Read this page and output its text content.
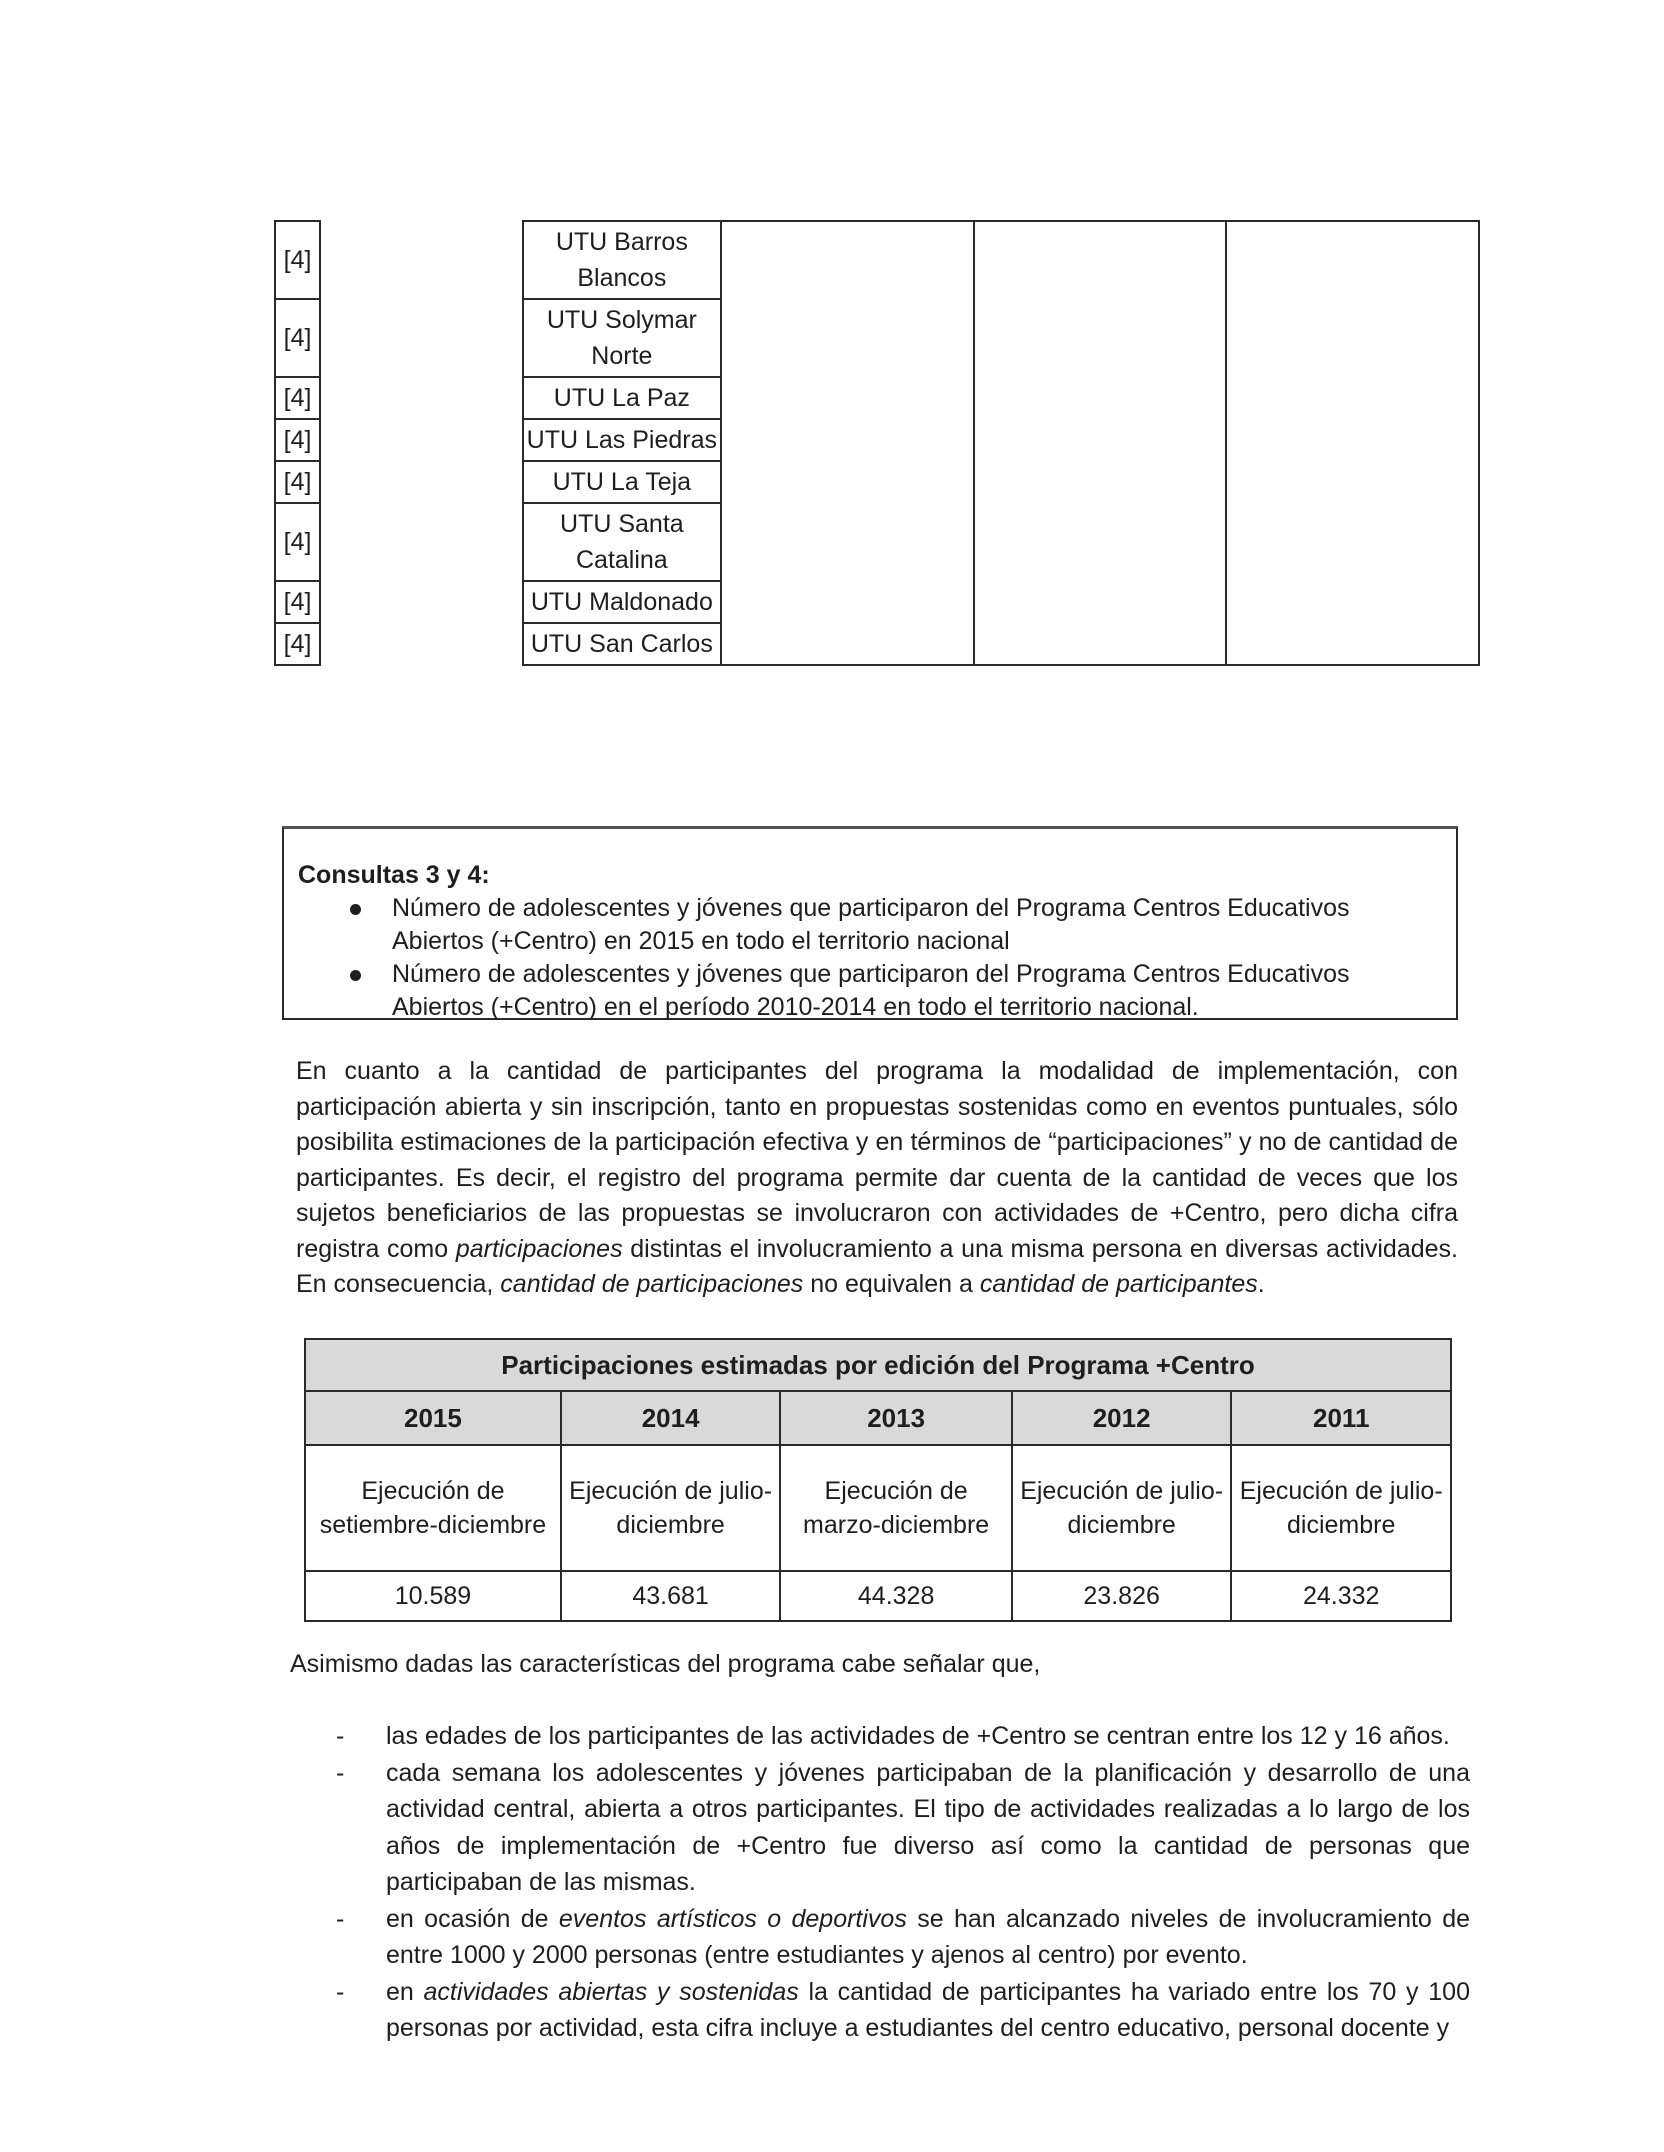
[4]		UTU Barros Blancos			
[4]		UTU Solymar Norte			
[4]		UTU La Paz			
[4]		UTU Las Piedras			
[4]		UTU La Teja			
[4]		UTU Santa Catalina			
[4]		UTU Maldonado			
[4]		UTU San Carlos			
Consultas 3 y 4:
Número de adolescentes y jóvenes que participaron del Programa Centros Educativos Abiertos (+Centro) en 2015 en todo el territorio nacional
Número de adolescentes y jóvenes que participaron del Programa Centros Educativos Abiertos (+Centro) en el período 2010-2014 en todo el territorio nacional.

En cuanto a la cantidad de participantes del programa la modalidad de implementación, con participación abierta y sin inscripción, tanto en propuestas sostenidas como en eventos puntuales, sólo posibilita estimaciones de la participación efectiva y en términos de “participaciones” y no de cantidad de participantes. Es decir, el registro del programa permite dar cuenta de la cantidad de veces que los sujetos beneficiarios de las propuestas se involucraron con actividades de +Centro, pero dicha cifra registra como participaciones distintas el involucramiento a una misma persona en diversas actividades. En consecuencia, cantidad de participaciones no equivalen a cantidad de participantes.

Participaciones estimadas por edición del Programa +Centro				
2015	2014	2013	2012	2011
Ejecución de setiembre-diciembre	Ejecución de julio-diciembre	Ejecución de marzo-diciembre	Ejecución de julio-diciembre	Ejecución de julio-diciembre
10.589	43.681	44.328	23.826	24.332

Asimismo dadas las características del programa cabe señalar que,

- las edades de los participantes de las actividades de +Centro se centran entre los 12 y 16 años.
- cada semana los adolescentes y jóvenes participaban de la planificación y desarrollo de una actividad central, abierta a otros participantes. El tipo de actividades realizadas a lo largo de los años de implementación de +Centro fue diverso así como la cantidad de personas que participaban de las mismas.
- en ocasión de eventos artísticos o deportivos se han alcanzado niveles de involucramiento de entre 1000 y 2000 personas (entre estudiantes y ajenos al centro) por evento.
- en actividades abiertas y sostenidas la cantidad de participantes ha variado entre los 70 y 100 personas por actividad, esta cifra incluye a estudiantes del centro educativo, personal docente y
